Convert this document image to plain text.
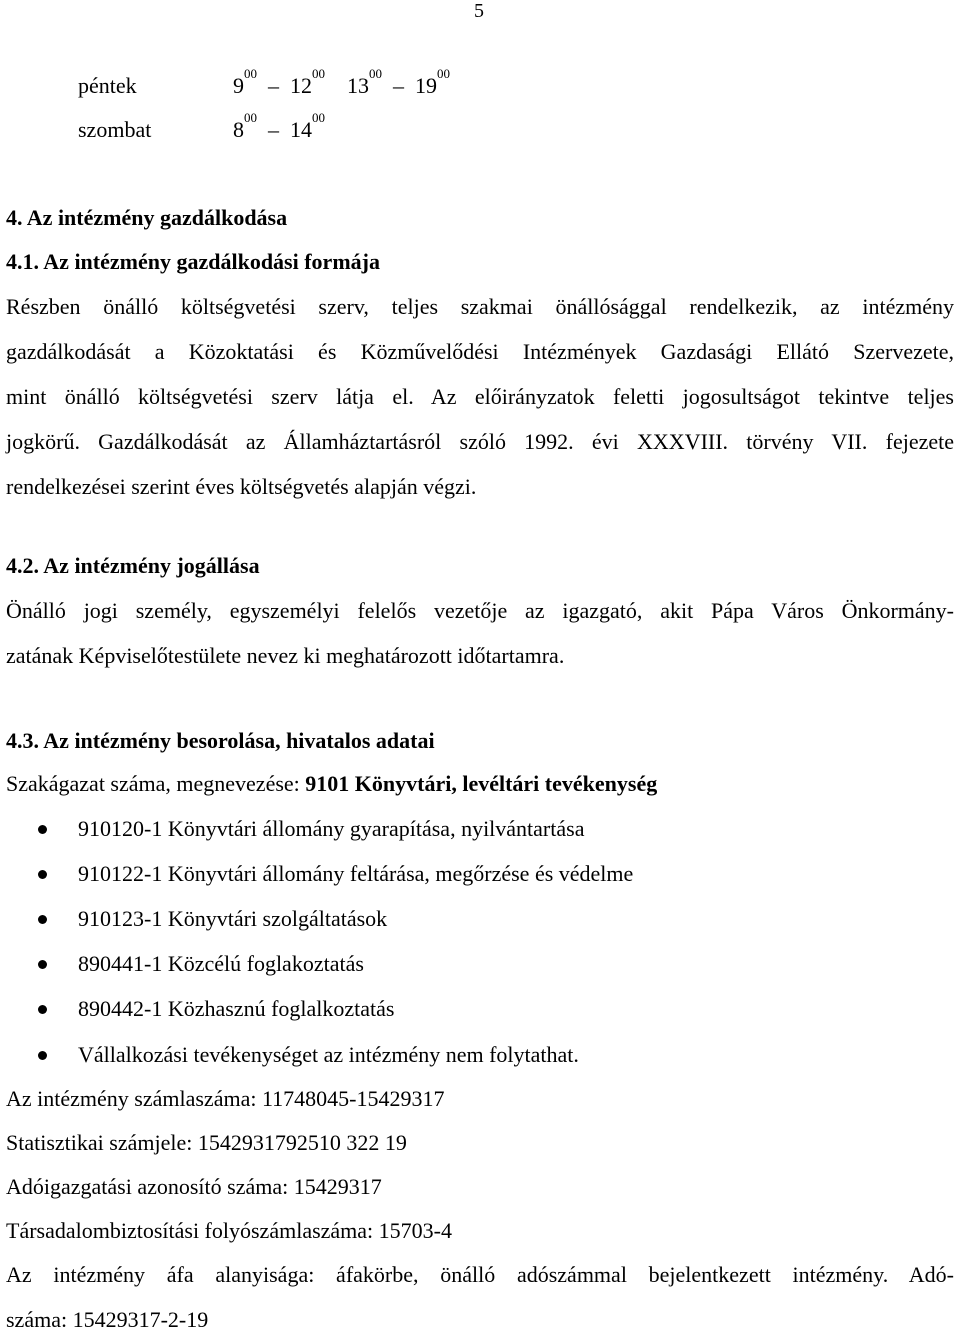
5
péntek	$9^{00} - 12^{00}$ $13^{00} - 19^{00}$
szombat	$8^{00} - 14^{00}$
4. Az intézmény gazdálkodása
4.1. Az intézmény gazdálkodási formája
Részben önálló költségvetési szerv, teljes szakmai önállósággal rendelkezik, az intézmény
gazdálkodását a Közoktatási és Közművelődési Intézmények Gazdasági Ellátó Szervezete,
mint önálló költségvetési szerv látja el. Az előirányzatok feletti jogosultságot tekintve teljes
jogkörű. Gazdálkodását az Államháztartásról szóló 1992. évi XXXVIII. törvény VII. fejezete
rendelkezései szerint éves költségvetés alapján végzi.
4.2. Az intézmény jogállása
Önálló jogi személy, egyszemélyi felelős vezetője az igazgató, akit Pápa Város Önkormány-
zatának Képviselőtestülete nevez ki meghatározott időtartamra.
4.3. Az intézmény besorolása, hivatalos adatai
Szakágazat száma, megnevezése: 9101 Könyvtári, levéltári tevékenység
910120-1 Könyvtári állomány gyarapítása, nyilvántartása
910122-1 Könyvtári állomány feltárása, megőrzése és védelme
910123-1 Könyvtári szolgáltatások
890441-1 Közcélú foglakoztatás
890442-1 Közhasznú foglalkoztatás
Vállalkozási tevékenységet az intézmény nem folytathat.
Az intézmény számlaszáma: 11748045-15429317
Statisztikai számjele: 1542931792510 322 19
Adóigazgatási azonosító száma: 15429317
Társadalombiztosítási folyószámlaszáma: 15703-4
Az intézmény áfa alanyisága: áfakörbe, önálló adószámmal bejelentkezett intézmény. Adó-
száma: 15429317-2-19
